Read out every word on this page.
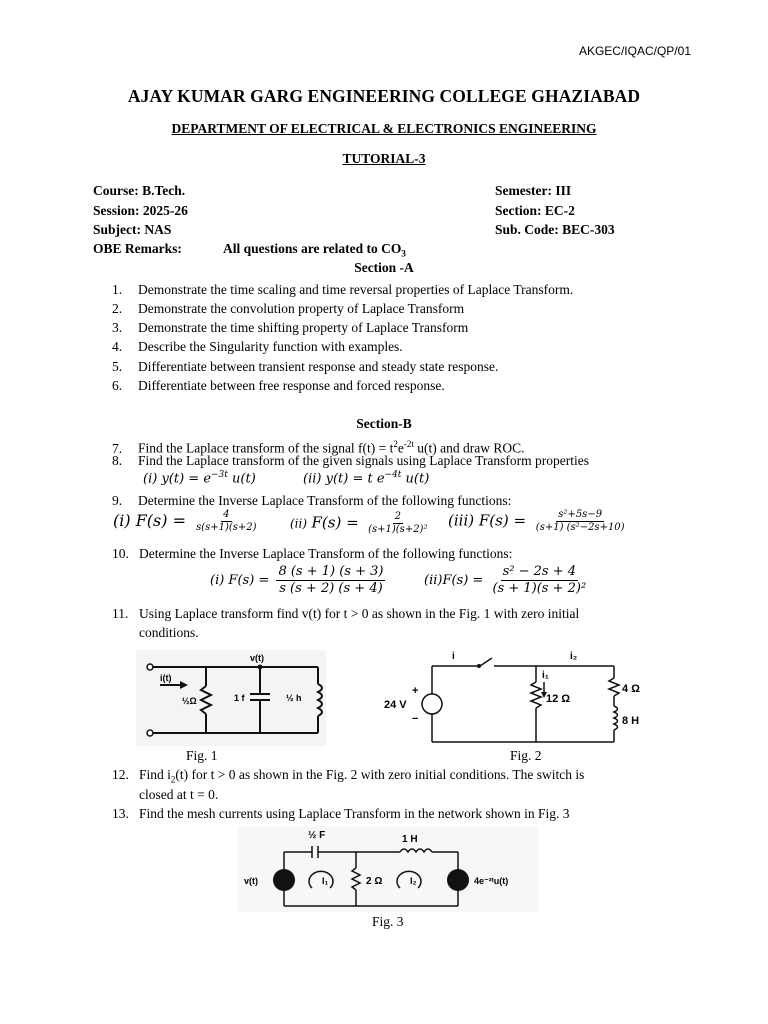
AKGEC/IQAC/QP/01
AJAY KUMAR GARG ENGINEERING COLLEGE GHAZIABAD
DEPARTMENT OF ELECTRICAL & ELECTRONICS ENGINEERING
TUTORIAL-3
Course: B.Tech.	Semester: III
Session: 2025-26	Section: EC-2
Subject: NAS	Sub. Code: BEC-303
OBE Remarks:	All questions are related to $CO_3$
Section -A
1. Demonstrate the time scaling and time reversal properties of Laplace Transform.
2. Demonstrate the convolution property of Laplace Transform
3. Demonstrate the time shifting property of Laplace Transform
4. Describe the Singularity function with examples.
5. Differentiate between transient response and steady state response.
6. Differentiate between free response and forced response.
Section-B
7. Find the Laplace transform of the signal $f(t) = t^2e^{-2t}$ u(t) and draw ROC.
8. Find the Laplace transform of the given signals using Laplace Transform properties
(i) $y(t) = e^{-3t}$ u(t)	(ii) y(t) = t $e^{-4t}$ u(t)
9. Determine the Inverse Laplace Transform of the following functions:
(i) $F(s) = \frac{4}{s(s+1)(s+2)}$	(ii) $F(s) = \frac{2}{\text{(s+1)(s+2)²}} (iii) F(s) = \frac{\text{s²+5s−9}}{\text{(s+1) (s²−2s+10)}}$
10. Determine the Inverse Laplace Transform of the following functions:
(i) $F(s) = \frac{8 (s + 1) (s + 3)}{s (s + 2) (s + 4)}$	$(ii)F(s) = \frac{\text{s² − 2s + 4}}{\text{(s + 1)(s + 2)²}}$
11. Using Laplace transform find v(t) for t > 0 as shown in the Fig. 1 with zero initial
conditions.
v(t)
i(t)
½Ω	1 f	½ h
Fig. 1
i
i₁
i₂
24 V
+
−
12 Ω
4 Ω
8 H
Fig. 2
12. Find $i_2(t)$ for t > 0 as shown in the Fig. 2 with zero initial conditions. The switch is
closed at t = 0.
13. Find the mesh currents using Laplace Transform in the network shown in Fig. 3
½ F	1 H
2 Ω
v(t)	4e⁻²ᵗu(t)
I₁	I₂
Fig. 3
